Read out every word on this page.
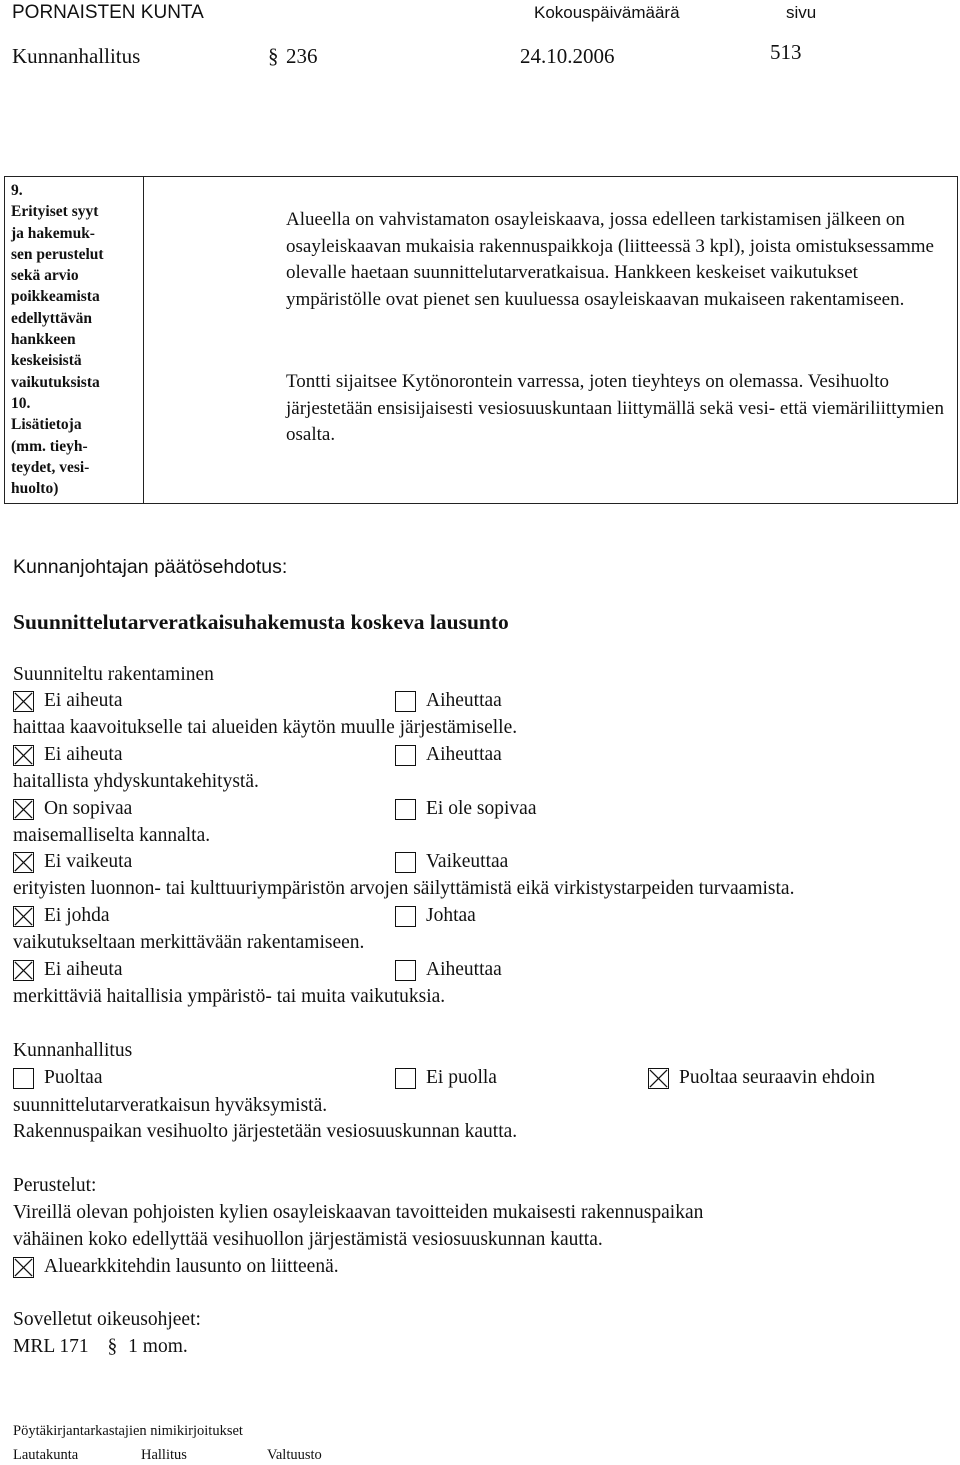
PORNAISTEN KUNTA	Kokouspäivämäärä	sivu
Kunnanhallitus	§ 236	24.10.2006	513
9.
Erityiset syyt
ja hakemuk-
sen perustelut
sekä arvio
poikkeamista
edellyttävän
hankkeen
keskeisistä
vaikutuksista
10.
Lisätietoja
(mm. tieyh-
teydet, vesi-
huolto)

Alueella on vahvistamaton osayleiskaava, jossa edelleen tarkistamisen jälkeen on osayleiskaavan mukaisia rakennuspaikkoja (liitteessä 3 kpl), joista omistuksessamme olevalle haetaan suunnittelutarveratkaisua. Hankkeen keskeiset vaikutukset ympäristölle ovat pienet sen kuuluessa osayleiskaavan mukaiseen rakentamiseen.

Tontti sijaitsee Kytönorontein varressa, joten tieyhteys on olemassa. Vesihuolto järjestetään ensisijaisesti vesiosuuskuntaan liittymällä sekä vesi- että viemäriliittymien osalta.

Kunnanjohtajan päätösehdotus:
Suunnittelutarveratkaisuhakemusta koskeva lausunto
Suunniteltu rakentaminen
Ei aiheuta	Aiheuttaa
haittaa kaavoitukselle tai alueiden käytön muulle järjestämiselle.
Ei aiheuta	Aiheuttaa
haitallista yhdyskuntakehitystä.
On sopivaa	Ei ole sopivaa
maisemalliselta kannalta.
Ei vaikeuta	Vaikeuttaa
erityisten luonnon- tai kulttuuriympäristön arvojen säilyttämistä eikä virkistystarpeiden turvaamista.
Ei johda	Johtaa
vaikutukseltaan merkittävään rakentamiseen.
Ei aiheuta	Aiheuttaa
merkittäviä haitallisia ympäristö- tai muita vaikutuksia.
Kunnanhallitus
Puoltaa	Ei puolla	Puoltaa seuraavin ehdoin
suunnittelutarveratkaisun hyväksymistä.
Rakennuspaikan vesihuolto järjestetään vesiosuuskunnan kautta.
Perustelut:
Vireillä olevan pohjoisten kylien osayleiskaavan tavoitteiden mukaisesti rakennuspaikan
vähäinen koko edellyttää vesihuollon järjestämistä vesiosuuskunnan kautta.
Aluearkkitehdin lausunto on liitteenä.
Sovelletut oikeusohjeet:
MRL 171 § 1 mom.
Pöytäkirjantarkastajien nimikirjoitukset
Lautakunta	Hallitus	Valtuusto
